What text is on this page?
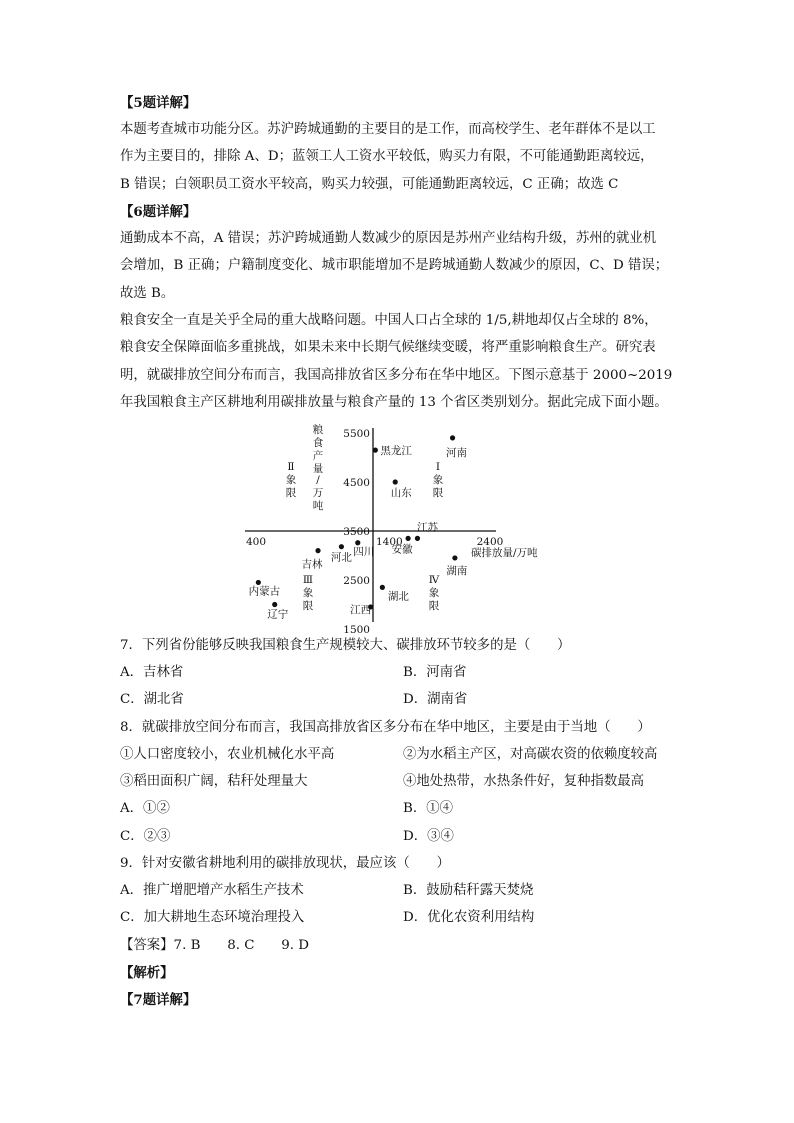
【5题详解】
本题考查城市功能分区。苏沪跨城通勤的主要目的是工作，而高校学生、老年群体不是以工
作为主要目的，排除 A、D；蓝领工人工资水平较低，购买力有限，不可能通勤距离较远，
B 错误；白领职员工资水平较高，购买力较强，可能通勤距离较远，C 正确；故选 C
【6题详解】
通勤成本不高，A 错误；苏沪跨城通勤人数减少的原因是苏州产业结构升级，苏州的就业机
会增加，B 正确；户籍制度变化、城市职能增加不是跨城通勤人数减少的原因，C、D 错误；
故选 B。
粮食安全一直是关乎全局的重大战略问题。中国人口占全球的 1/5,耕地却仅占全球的 8%，
粮食安全保障面临多重挑战，如果未来中长期气候继续变暖，将严重影响粮食生产。研究表
明，就碳排放空间分布而言，我国高排放省区多分布在华中地区。下图示意基于 2000~2019
年我国粮食主产区耕地利用碳排放量与粮食产量的 13 个省区类别划分。据此完成下面小题。
5500
4500
3500
2500
1500
400	1400	2400
粮食产量/万吨
碳排放量/万吨
Ⅰ 象限
Ⅱ 象限
Ⅲ 象限
Ⅳ 象限
黑龙江	河南
山东
江苏
安徽
湖南
四川
河北
吉林
内蒙古
辽宁
湖北
江西
7．下列省份能够反映我国粮食生产规模较大、碳排放环节较多的是（　　）
A．吉林省	B．河南省
C．湖北省	D．湖南省
8．就碳排放空间分布而言，我国高排放省区多分布在华中地区，主要是由于当地（　　）
①人口密度较小，农业机械化水平高	②为水稻主产区，对高碳农资的依赖度较高
③稻田面积广阔，秸秆处理量大	④地处热带，水热条件好，复种指数最高
A．①②	B．①④
C．②③	D．③④
9．针对安徽省耕地利用的碳排放现状，最应该（　　）
A．推广增肥增产水稻生产技术	B．鼓励秸秆露天焚烧
C．加大耕地生态环境治理投入	D．优化农资利用结构
【答案】7. B　　8. C　　9. D
【解析】
【7题详解】
